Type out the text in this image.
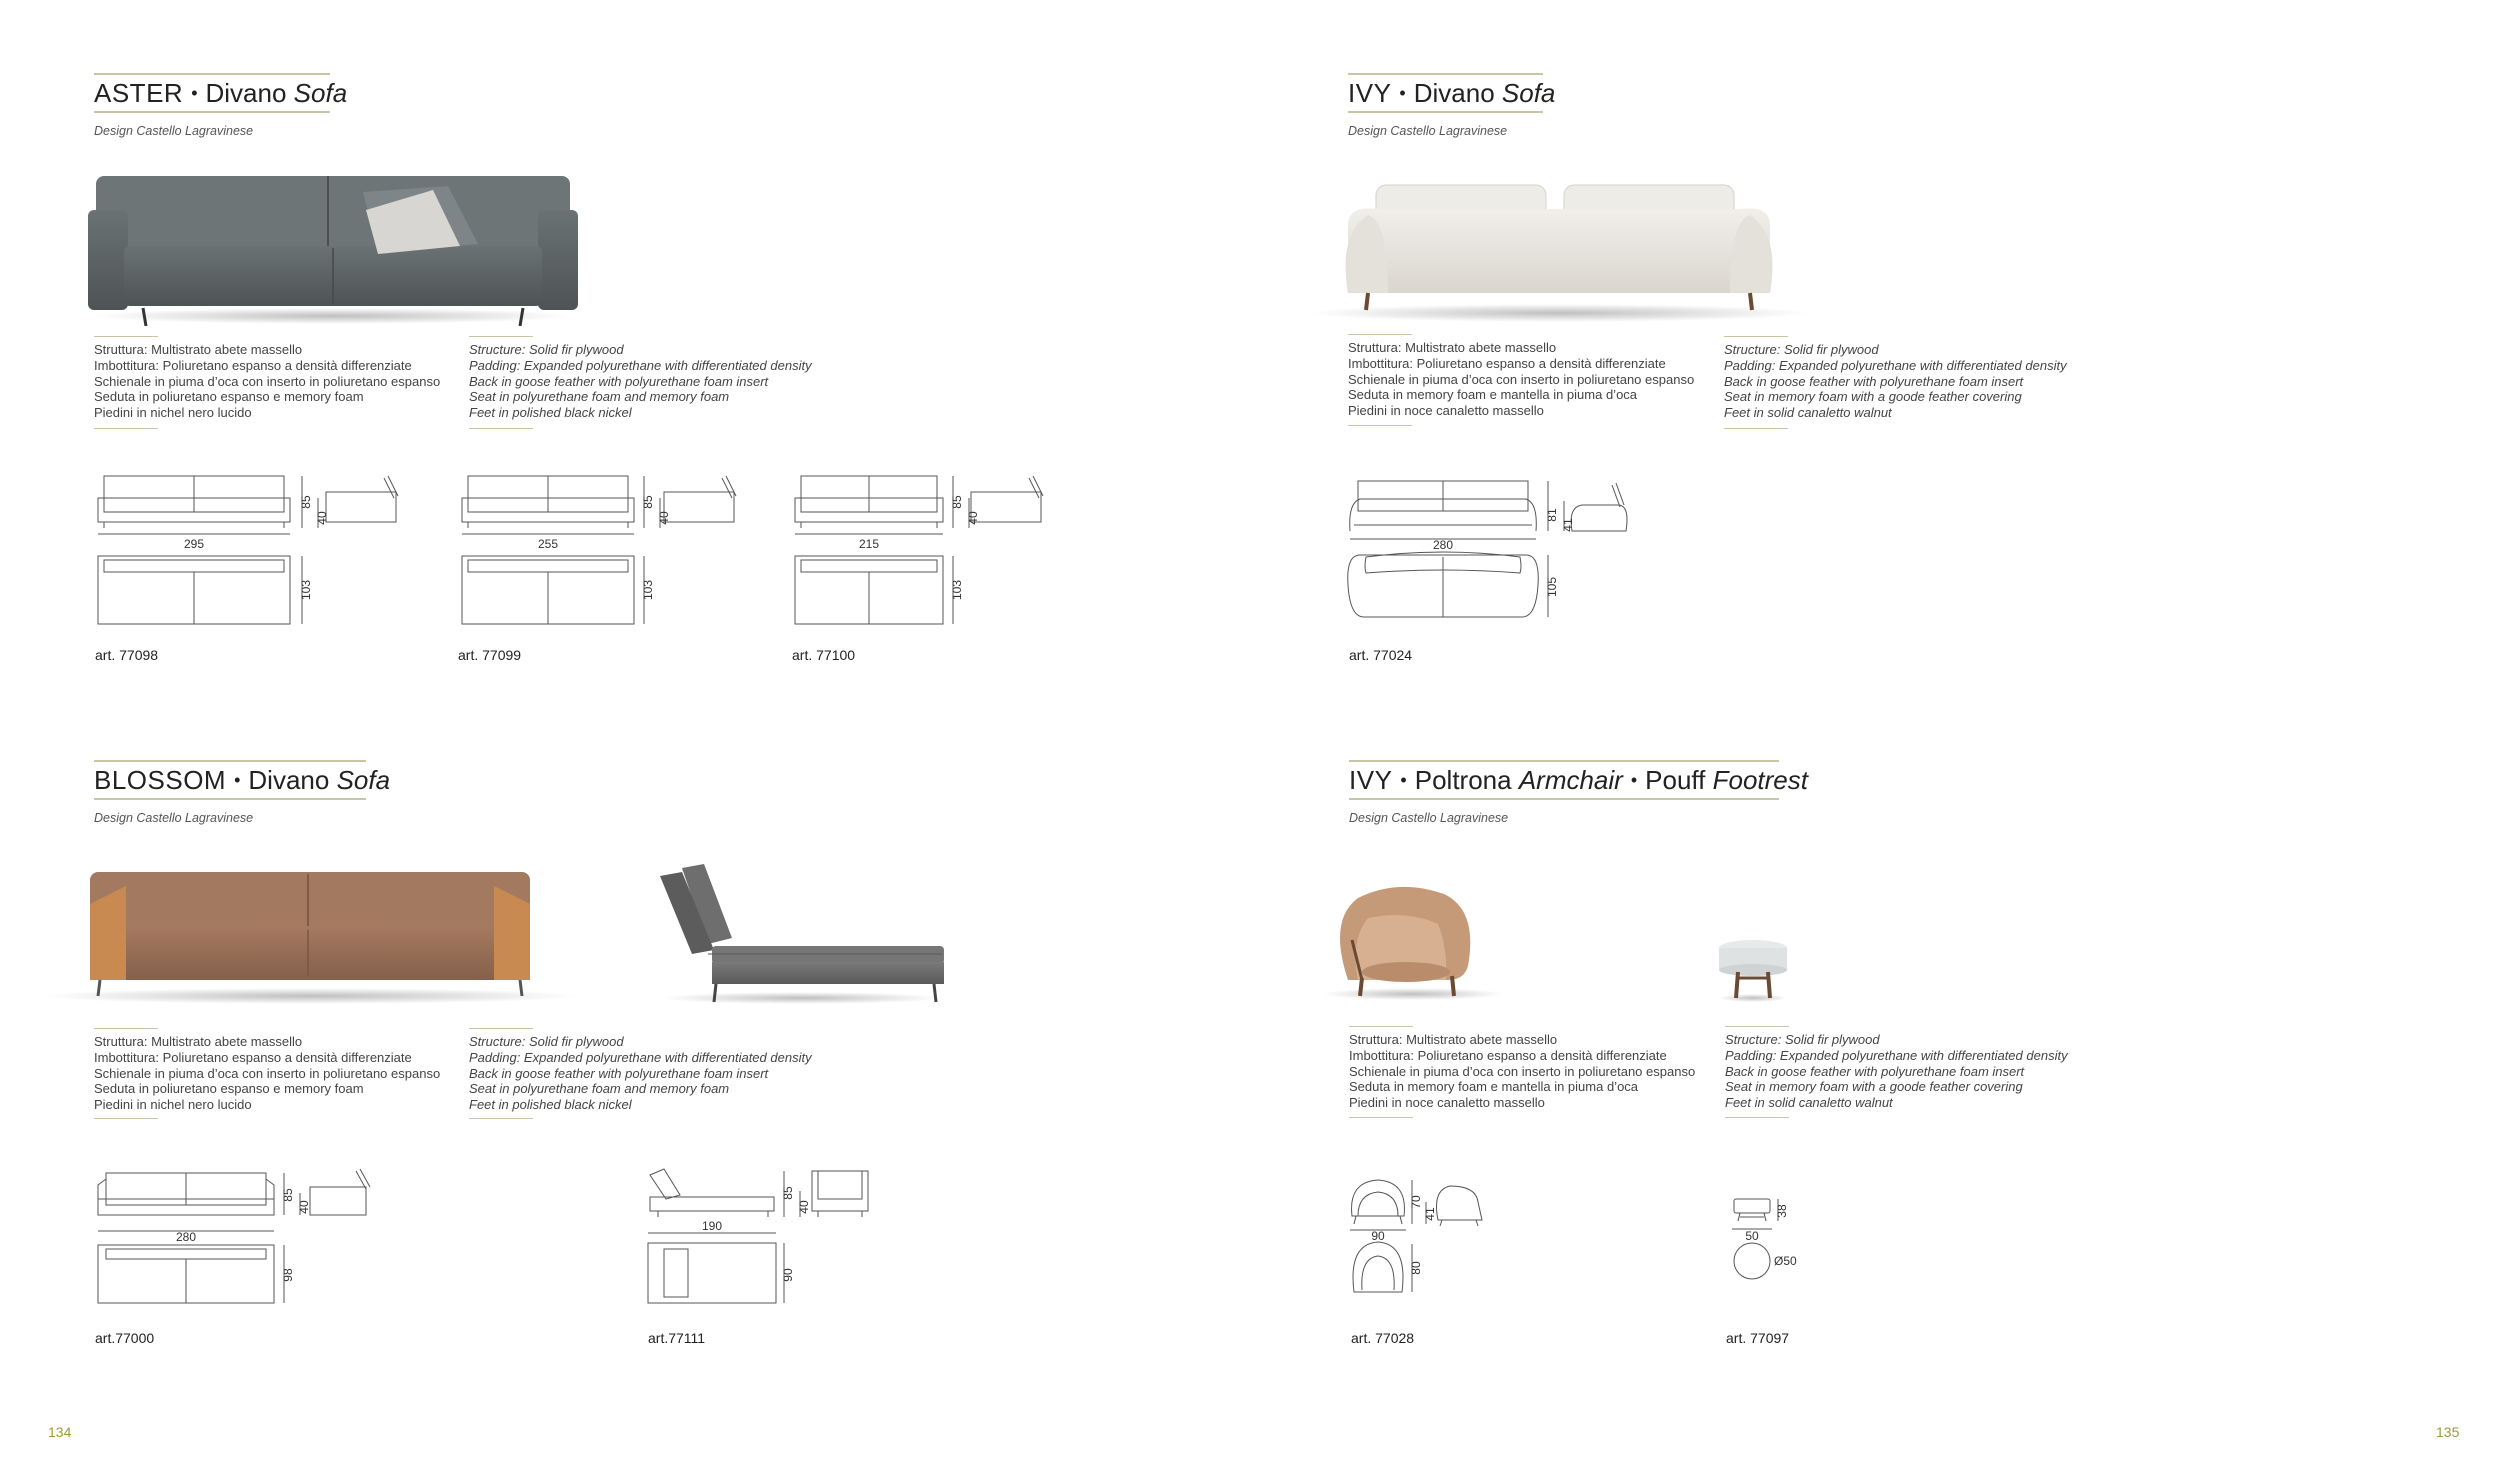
ASTER • Divano Sofa
Design Castello Lagravinese
Struttura: Multistrato abete massello
Imbottitura: Poliuretano espanso a densità differenziate
Schienale in piuma d’oca con inserto in poliuretano espanso
Seduta in poliuretano espanso e memory foam
Piedini in nichel nero lucido
Structure: Solid fir plywood
Padding: Expanded polyurethane with differentiated density
Back in goose feather with polyurethane foam insert
Seat in polyurethane foam and memory foam
Feet in polished black nickel
295
85
40
103
art. 77098
255
85
40
103
art. 77099
215
85
40
103
art. 77100
IVY • Divano Sofa
Design Castello Lagravinese
Struttura: Multistrato abete massello
Imbottitura: Poliuretano espanso a densità differenziate
Schienale in piuma d’oca con inserto in poliuretano espanso
Seduta in memory foam e mantella in piuma d’oca
Piedini in noce canaletto massello
Structure: Solid fir plywood
Padding: Expanded polyurethane with differentiated density
Back in goose feather with polyurethane foam insert
Seat in memory foam with a goode feather covering
Feet in solid canaletto walnut
280
81
41
105
art. 77024
BLOSSOM • Divano Sofa
Design Castello Lagravinese
Struttura: Multistrato abete massello
Imbottitura: Poliuretano espanso a densità differenziate
Schienale in piuma d’oca con inserto in poliuretano espanso
Seduta in poliuretano espanso e memory foam
Piedini in nichel nero lucido
Structure: Solid fir plywood
Padding: Expanded polyurethane with differentiated density
Back in goose feather with polyurethane foam insert
Seat in polyurethane foam and memory foam
Feet in polished black nickel
280
85
40
98
art.77000
190
85
40
90
art.77111
IVY • Poltrona Armchair • Pouff Footrest
Design Castello Lagravinese
Struttura: Multistrato abete massello
Imbottitura: Poliuretano espanso a densità differenziate
Schienale in piuma d’oca con inserto in poliuretano espanso
Seduta in memory foam e mantella in piuma d’oca
Piedini in noce canaletto massello
Structure: Solid fir plywood
Padding: Expanded polyurethane with differentiated density
Back in goose feather with polyurethane foam insert
Seat in memory foam with a goode feather covering
Feet in solid canaletto walnut
90
70
41
80
art. 77028
50
38
Ø50
art. 77097
134	135
